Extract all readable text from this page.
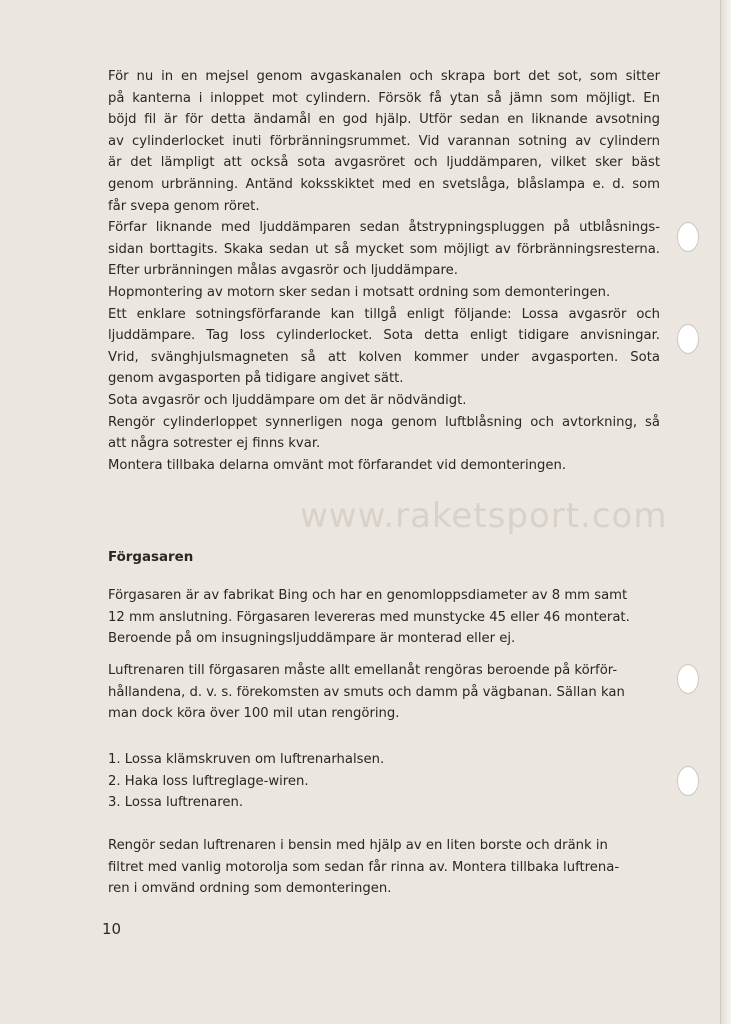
För nu in en mejsel genom avgaskanalen och skrapa bort det sot, som sitter

på kanterna i inloppet mot cylindern. Försök få ytan så jämn som möjligt. En

böjd fil är för detta ändamål en god hjälp. Utför sedan en liknande avsotning

av cylinderlocket inuti förbränningsrummet. Vid varannan sotning av cylindern

är det lämpligt att också sota avgasröret och ljuddämparen, vilket sker bäst

genom urbränning. Antänd koksskiktet med en svetslåga, blåslampa e. d. som

får svepa genom röret.

Förfar liknande med ljuddämparen sedan åtstrypningspluggen på utblåsnings-

sidan borttagits. Skaka sedan ut så mycket som möjligt av förbränningsresterna.

Efter urbränningen målas avgasrör och ljuddämpare.

Hopmontering av motorn sker sedan i motsatt ordning som demonteringen.

Ett enklare sotningsförfarande kan tillgå enligt följande: Lossa avgasrör och

ljuddämpare. Tag loss cylinderlocket. Sota detta enligt tidigare anvisningar.

Vrid, svänghjulsmagneten så att kolven kommer under avgasporten. Sota

genom avgasporten på tidigare angivet sätt.

Sota avgasrör och ljuddämpare om det är nödvändigt.

Rengör cylinderloppet synnerligen noga genom luftblåsning och avtorkning, så

att några sotrester ej finns kvar.

Montera tillbaka delarna omvänt mot förfarandet vid demonteringen.

www.raketsport.com
Förgasaren

Förgasaren är av fabrikat Bing och har en genomloppsdiameter av 8 mm samt

12 mm anslutning. Förgasaren levereras med munstycke 45 eller 46 monterat.

Beroende på om insugningsljuddämpare är monterad eller ej.

Luftrenaren till förgasaren måste allt emellanåt rengöras beroende på körför-

hållandena, d. v. s. förekomsten av smuts och damm på vägbanan. Sällan kan

man dock köra över 100 mil utan rengöring.

1. Lossa klämskruven om luftrenarhalsen.

2. Haka loss luftreglage-wiren.

3. Lossa luftrenaren.

Rengör sedan luftrenaren i bensin med hjälp av en liten borste och dränk in

filtret med vanlig motorolja som sedan får rinna av. Montera tillbaka luftrena-

ren i omvänd ordning som demonteringen.

10
